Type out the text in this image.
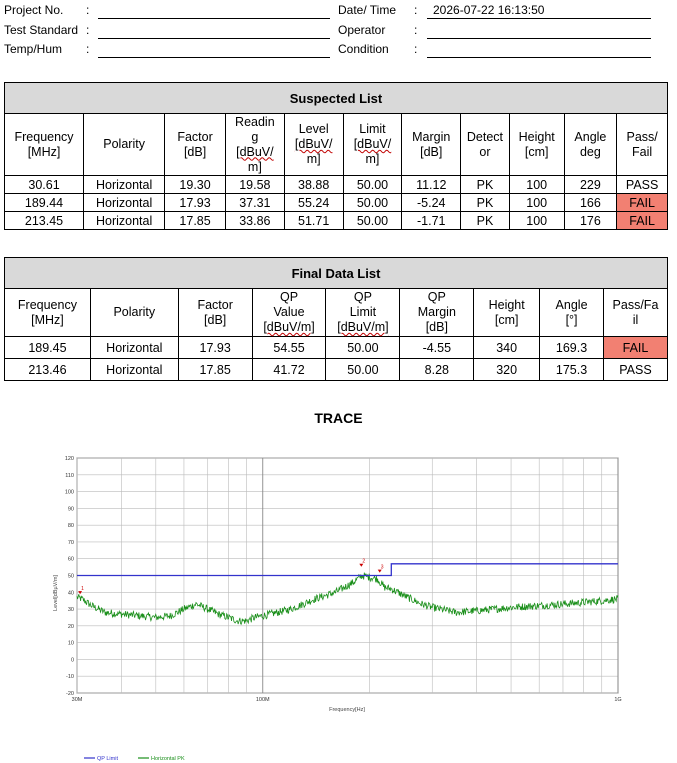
Project No. :
Test Standard :
Temp/Hum :
Date/ Time : 2026-07-22 16:13:50
Operator :
Condition :
Suspected List										
Frequency
[MHz]	Polarity	Factor
[dB]	Readin
g
[dBuV/
m]	Level
[dBuV/
m]	Limit
[dBuV/
m]	Margin
[dB]	Detect
or	Height
[cm]	Angle
deg	Pass/
Fail
30.61	Horizontal	19.30	19.58	38.88	50.00	11.12	PK	100	229	PASS
189.44	Horizontal	17.93	37.31	55.24	50.00	-5.24	PK	100	166	FAIL
213.45	Horizontal	17.85	33.86	51.71	50.00	-1.71	PK	100	176	FAIL
Final Data List								
Frequency
[MHz]	Polarity	Factor
[dB]	QP
Value
[dBuV/m]	QP
Limit
[dBuV/m]	QP
Margin
[dB]	Height
[cm]	Angle
[°]	Pass/Fa
il
189.45	Horizontal	17.93	54.55	50.00	-4.55	340	169.3	FAIL
213.46	Horizontal	17.85	41.72	50.00	8.28	320	175.3	PASS
TRACE
-20
-10
0
10
20
30
40
50
60
70
80
90
100
110
120
30M	100M	1G
1
2
3
Level[dBµV/m]
Frequency[Hz]
QP Limit	Horizontal PK
